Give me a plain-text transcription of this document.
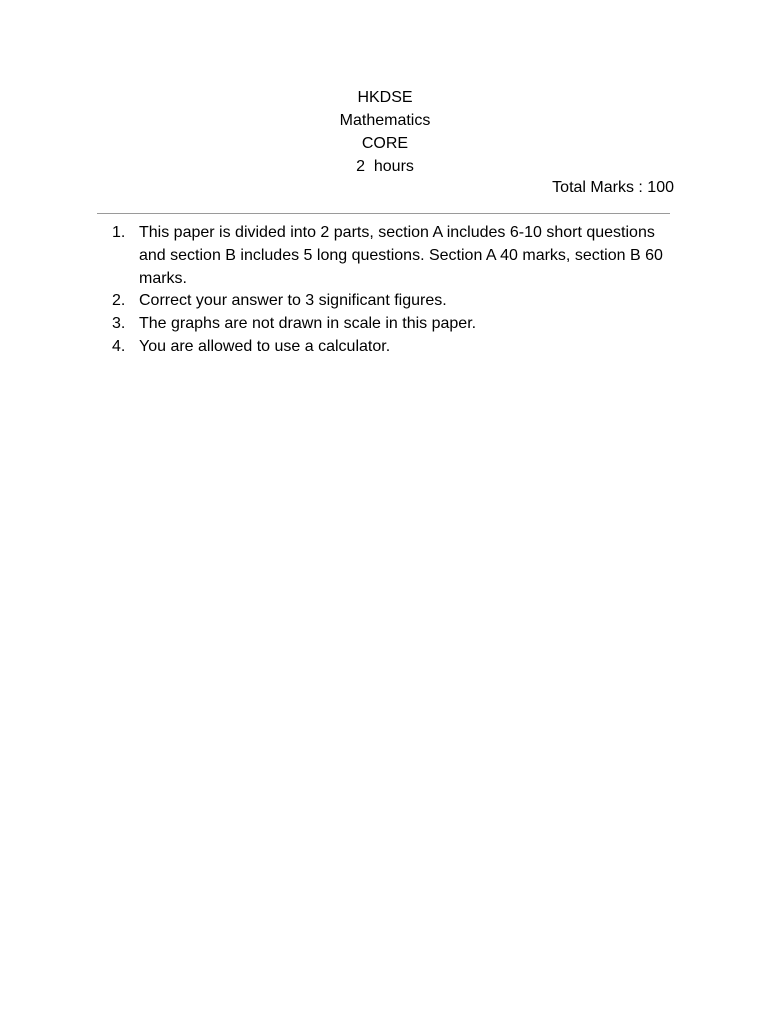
HKDSE
Mathematics
CORE
2  hours
Total Marks : 100
1. This paper is divided into 2 parts, section A includes 6-10 short questions and section B includes 5 long questions. Section A 40 marks, section B 60 marks.
2. Correct your answer to 3 significant figures.
3. The graphs are not drawn in scale in this paper.
4. You are allowed to use a calculator.
